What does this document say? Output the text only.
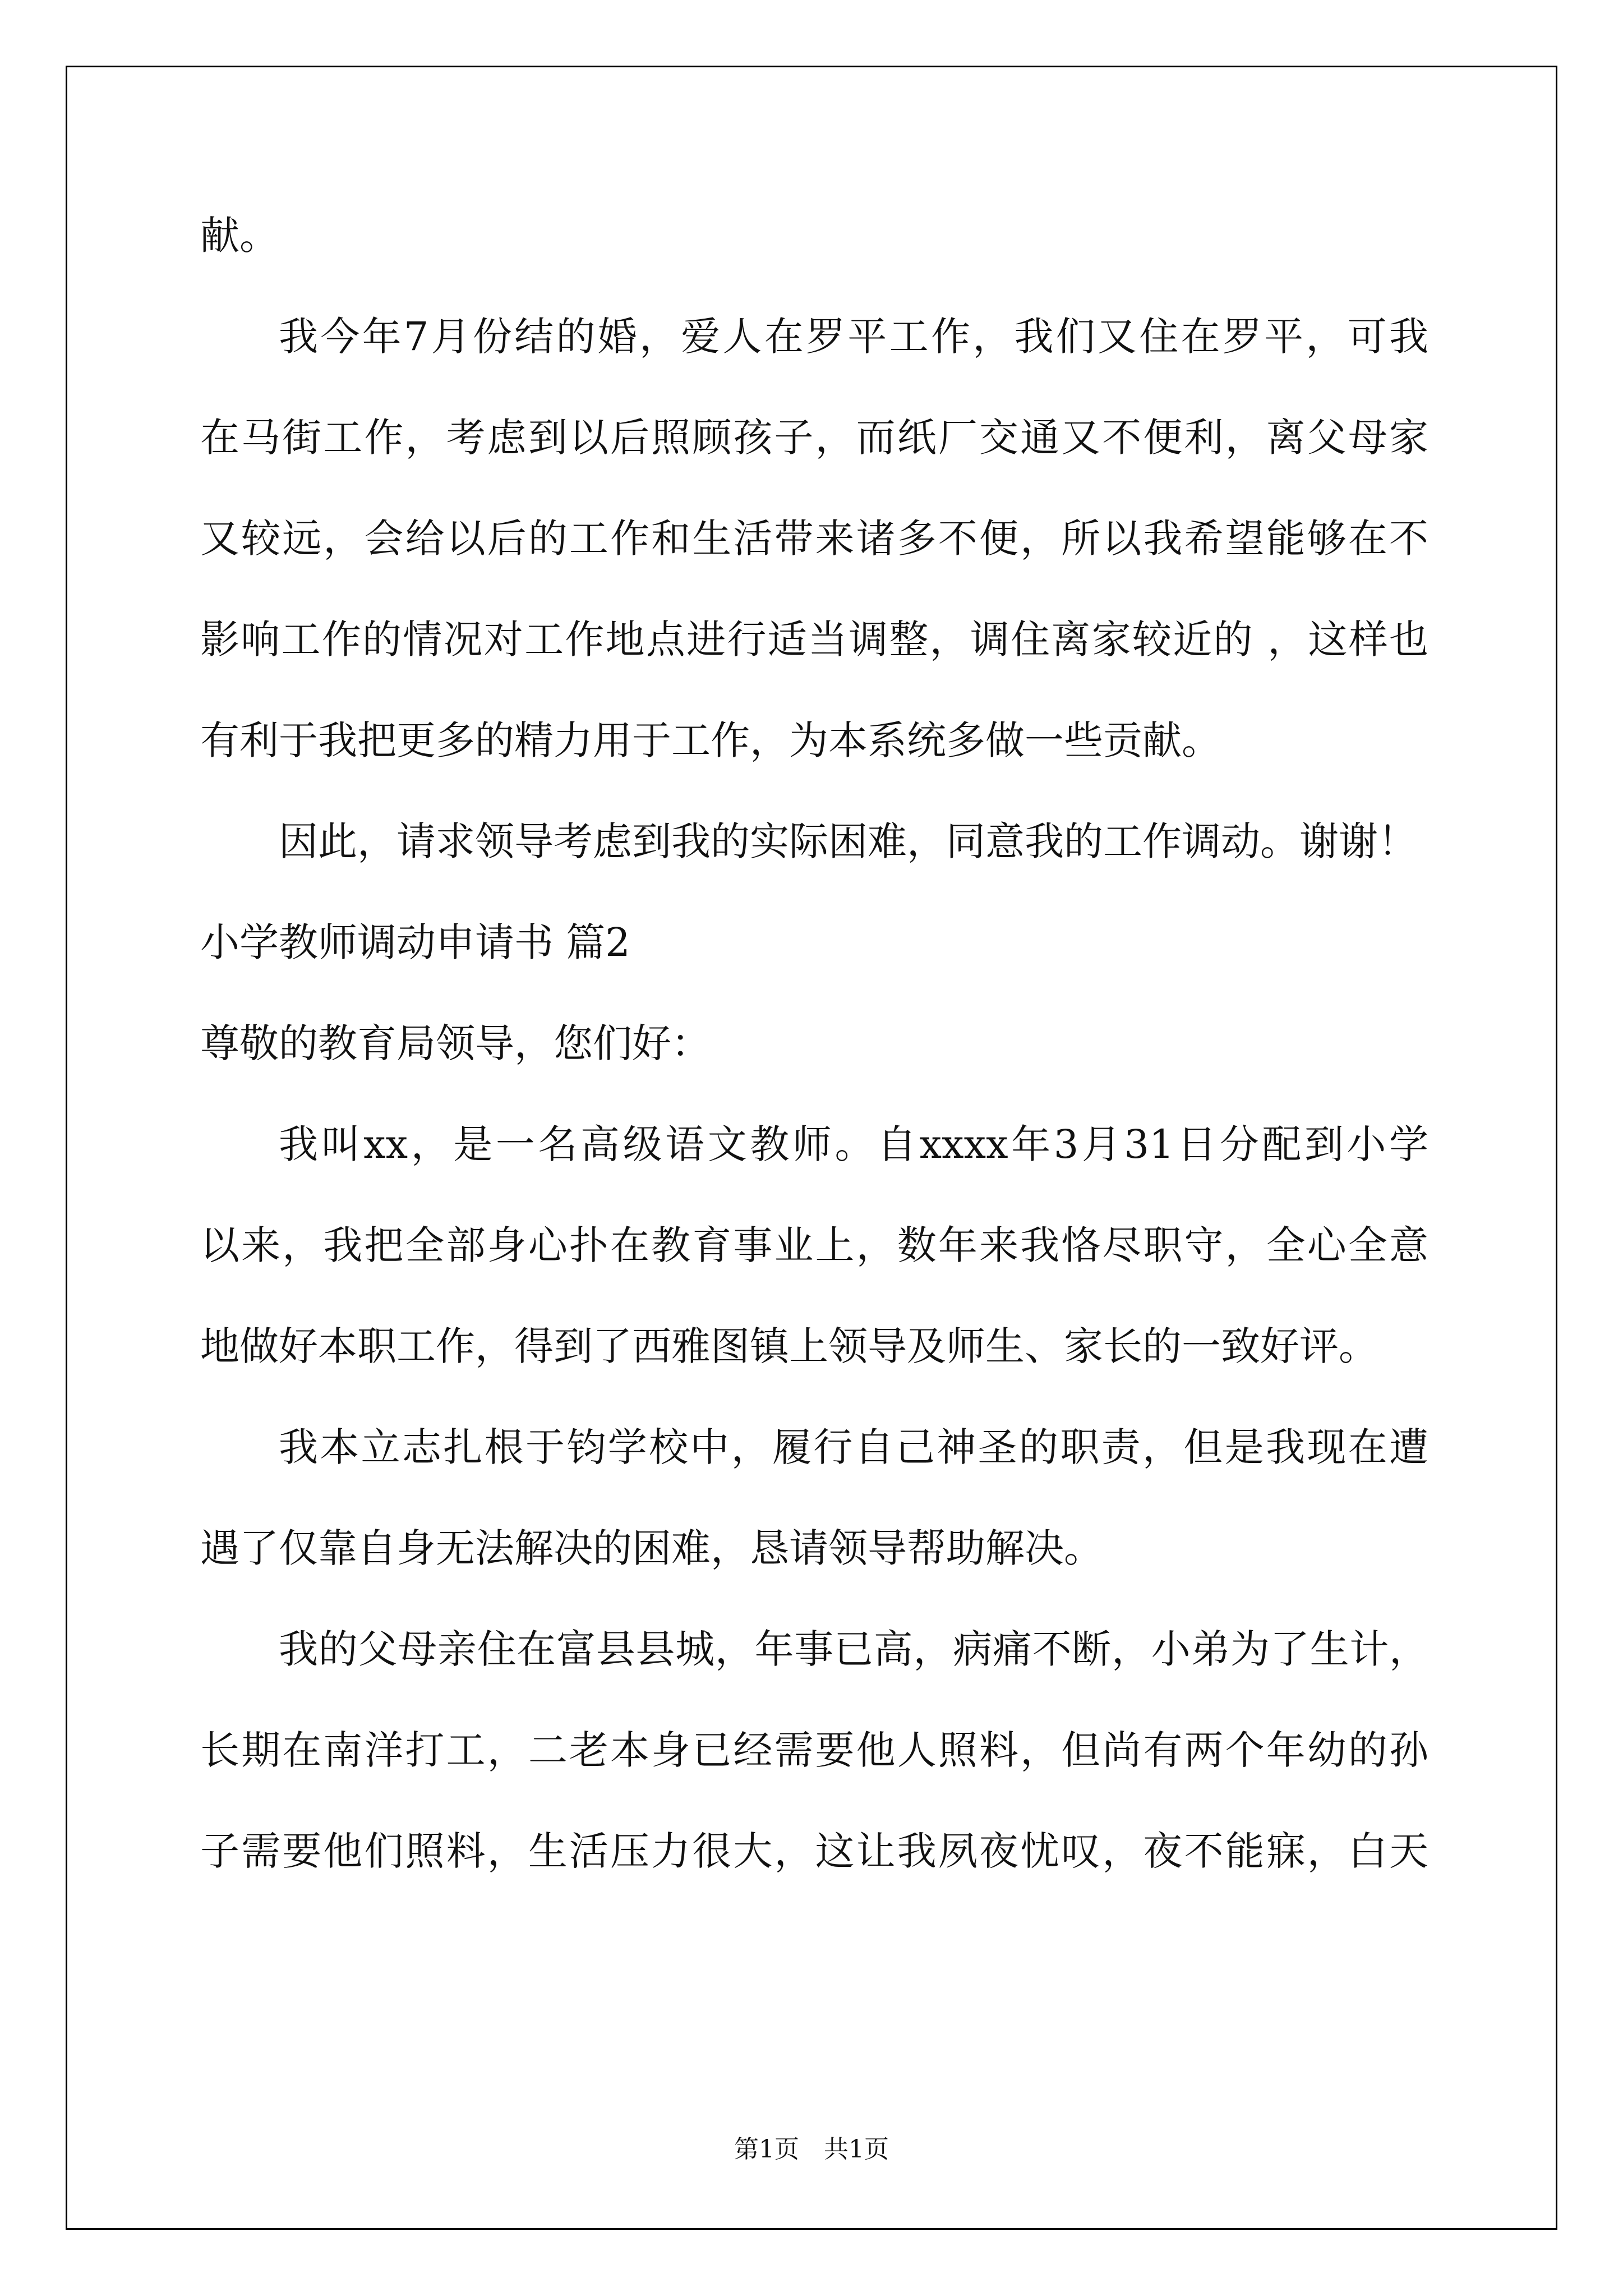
献。
我今年7月份结的婚，爱人在罗平工作，我们又住在罗平，可我
在马街工作，考虑到以后照顾孩子，而纸厂交通又不便利，离父母家
又较远，会给以后的工作和生活带来诸多不便，所以我希望能够在不
影响工作的情况对工作地点进行适当调整，调住离家较近的 ，这样也
有利于我把更多的精力用于工作，为本系统多做一些贡献。
因此，请求领导考虑到我的实际困难，同意我的工作调动。谢谢！
小学教师调动申请书 篇2
尊敬的教育局领导，您们好：
我叫xx，是一名高级语文教师。自xxxx年3月31日分配到小学
以来，我把全部身心扑在教育事业上，数年来我恪尽职守，全心全意
地做好本职工作，得到了西雅图镇上领导及师生、家长的一致好评。
我本立志扎根于钧学校中，履行自己神圣的职责，但是我现在遭
遇了仅靠自身无法解决的困难，恳请领导帮助解决。
我的父母亲住在富县县城，年事已高，病痛不断，小弟为了生计，
长期在南洋打工，二老本身已经需要他人照料，但尚有两个年幼的孙
子需要他们照料，生活压力很大，这让我夙夜忧叹，夜不能寐，白天
第1页　共1页
